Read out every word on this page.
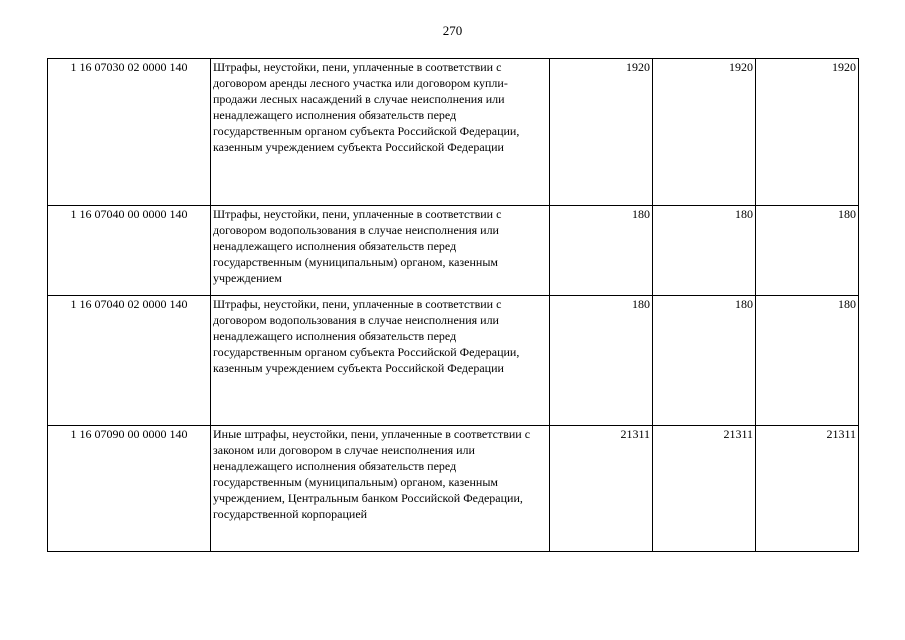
270
1 16 07030 02 0000 140	Штрафы, неустойки, пени, уплаченные в соответствии с договором аренды лесного участка или договором купли-продажи лесных насаждений в случае неисполнения или ненадлежащего исполнения обязательств перед государственным органом субъекта Российской Федерации, казенным учреждением субъекта Российской Федерации	1920	1920	1920
1 16 07040 00 0000 140	Штрафы, неустойки, пени, уплаченные в соответствии с договором водопользования в случае неисполнения или ненадлежащего исполнения обязательств перед государственным (муниципальным) органом, казенным учреждением	180	180	180
1 16 07040 02 0000 140	Штрафы, неустойки, пени, уплаченные в соответствии с договором водопользования в случае неисполнения или ненадлежащего исполнения обязательств перед государственным органом субъекта Российской Федерации, казенным учреждением субъекта Российской Федерации	180	180	180
1 16 07090 00 0000 140	Иные штрафы, неустойки, пени, уплаченные в соответствии с законом или договором в случае неисполнения или ненадлежащего исполнения обязательств перед государственным (муниципальным) органом, казенным учреждением, Центральным банком Российской Федерации, государственной корпорацией	21311	21311	21311
